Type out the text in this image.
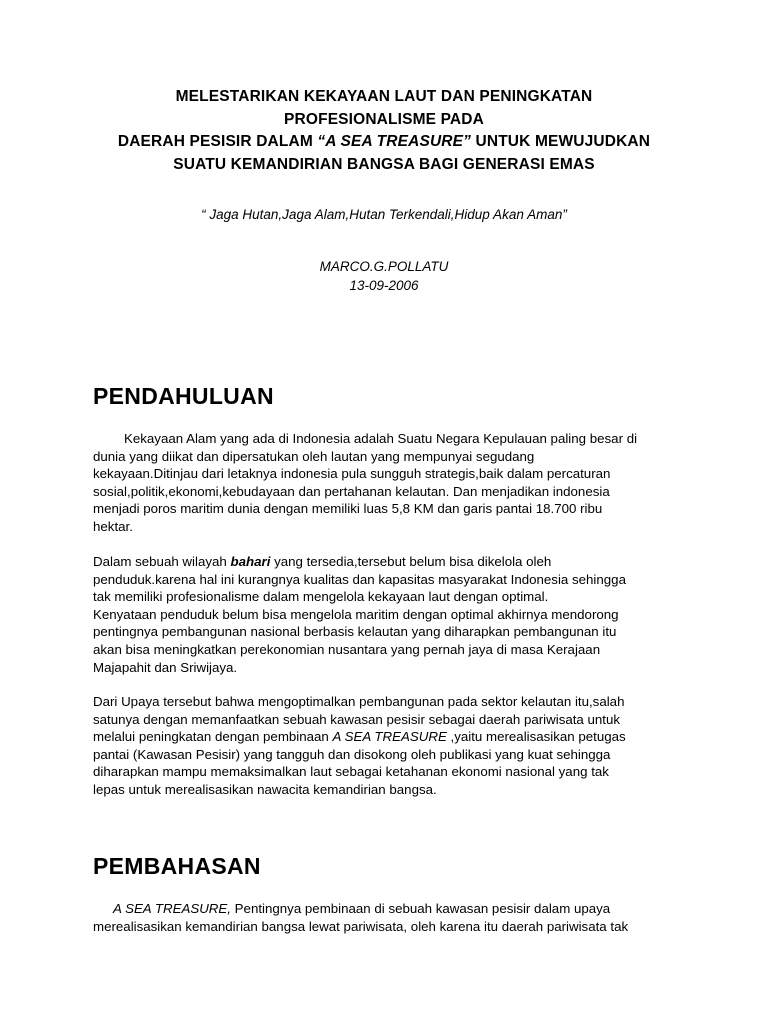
MELESTARIKAN KEKAYAAN LAUT DAN PENINGKATAN
PROFESIONALISME PADA
DAERAH PESISIR DALAM “A SEA TREASURE” UNTUK MEWUJUDKAN
SUATU KEMANDIRIAN BANGSA BAGI GENERASI EMAS
“ Jaga Hutan,Jaga Alam,Hutan Terkendali,Hidup Akan Aman”
MARCO.G.POLLATU
13-09-2006
PENDAHULUAN
Kekayaan Alam yang ada di Indonesia adalah Suatu Negara Kepulauan paling besar di
dunia yang diikat dan dipersatukan oleh lautan yang mempunyai segudang
kekayaan.Ditinjau dari letaknya indonesia pula sungguh strategis,baik dalam percaturan
sosial,politik,ekonomi,kebudayaan dan pertahanan kelautan. Dan menjadikan indonesia
menjadi poros maritim dunia dengan memiliki luas 5,8 KM dan garis pantai 18.700 ribu
hektar.
Dalam sebuah wilayah bahari yang tersedia,tersebut belum bisa dikelola oleh
penduduk.karena hal ini kurangnya kualitas dan kapasitas masyarakat Indonesia sehingga
tak memiliki profesionalisme dalam mengelola kekayaan laut dengan optimal.
Kenyataan penduduk belum bisa mengelola maritim dengan optimal akhirnya mendorong
pentingnya pembangunan nasional berbasis kelautan yang diharapkan pembangunan itu
akan bisa meningkatkan perekonomian nusantara yang pernah jaya di masa Kerajaan
Majapahit dan Sriwijaya.
Dari Upaya tersebut bahwa mengoptimalkan pembangunan pada sektor kelautan itu,salah
satunya dengan memanfaatkan sebuah kawasan pesisir sebagai daerah pariwisata untuk
melalui peningkatan dengan pembinaan A SEA TREASURE ,yaitu merealisasikan petugas
pantai (Kawasan Pesisir) yang tangguh dan disokong oleh publikasi yang kuat sehingga
diharapkan mampu memaksimalkan laut sebagai ketahanan ekonomi nasional yang tak
lepas untuk merealisasikan nawacita kemandirian bangsa.
PEMBAHASAN
A SEA TREASURE, Pentingnya pembinaan di sebuah kawasan pesisir dalam upaya
merealisasikan kemandirian bangsa lewat pariwisata, oleh karena itu daerah pariwisata tak
